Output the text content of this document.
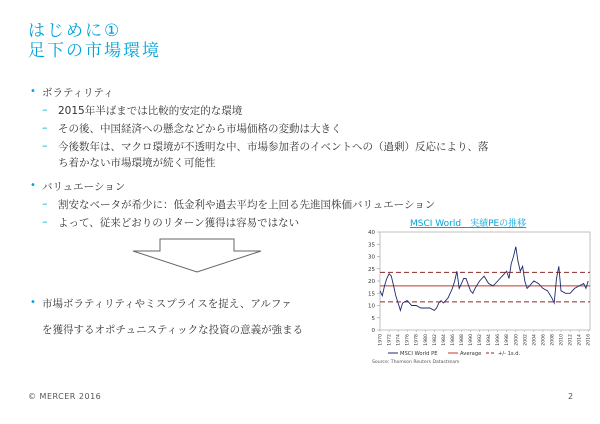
はじめに①
足下の市場環境
• ボラティリティ
– 2015年半ばまでは比較的安定的な環境
– その後、中国経済への懸念などから市場価格の変動は大きく
– 今後数年は、マクロ環境が不透明な中、市場参加者のイベントへの（過剰）反応により、落
ち着かない市場環境が続く可能性
• バリュエーション
– 割安なベータが希少に：低金利や過去平均を上回る先進国株価バリュエーション
– よって、従来どおりのリターン獲得は容易ではない
• 市場ボラティリティやミスプライスを捉え、アルファ
を獲得するオポチュニスティックな投資の意義が強まる
MSCI World　実績PEの推移
0
5
10
15
20
25
30
35
40
1970 1972 1974 1976 1978 1980 1982 1984 1986 1988 1990 1992 1994 1996 1998 2000 2002 2004 2006 2008 2010 2012 2014 2016
MSCI World PE	Average	+/- 1s.d.
Source: Thomson Reuters Datastream
© MERCER 2016	2
